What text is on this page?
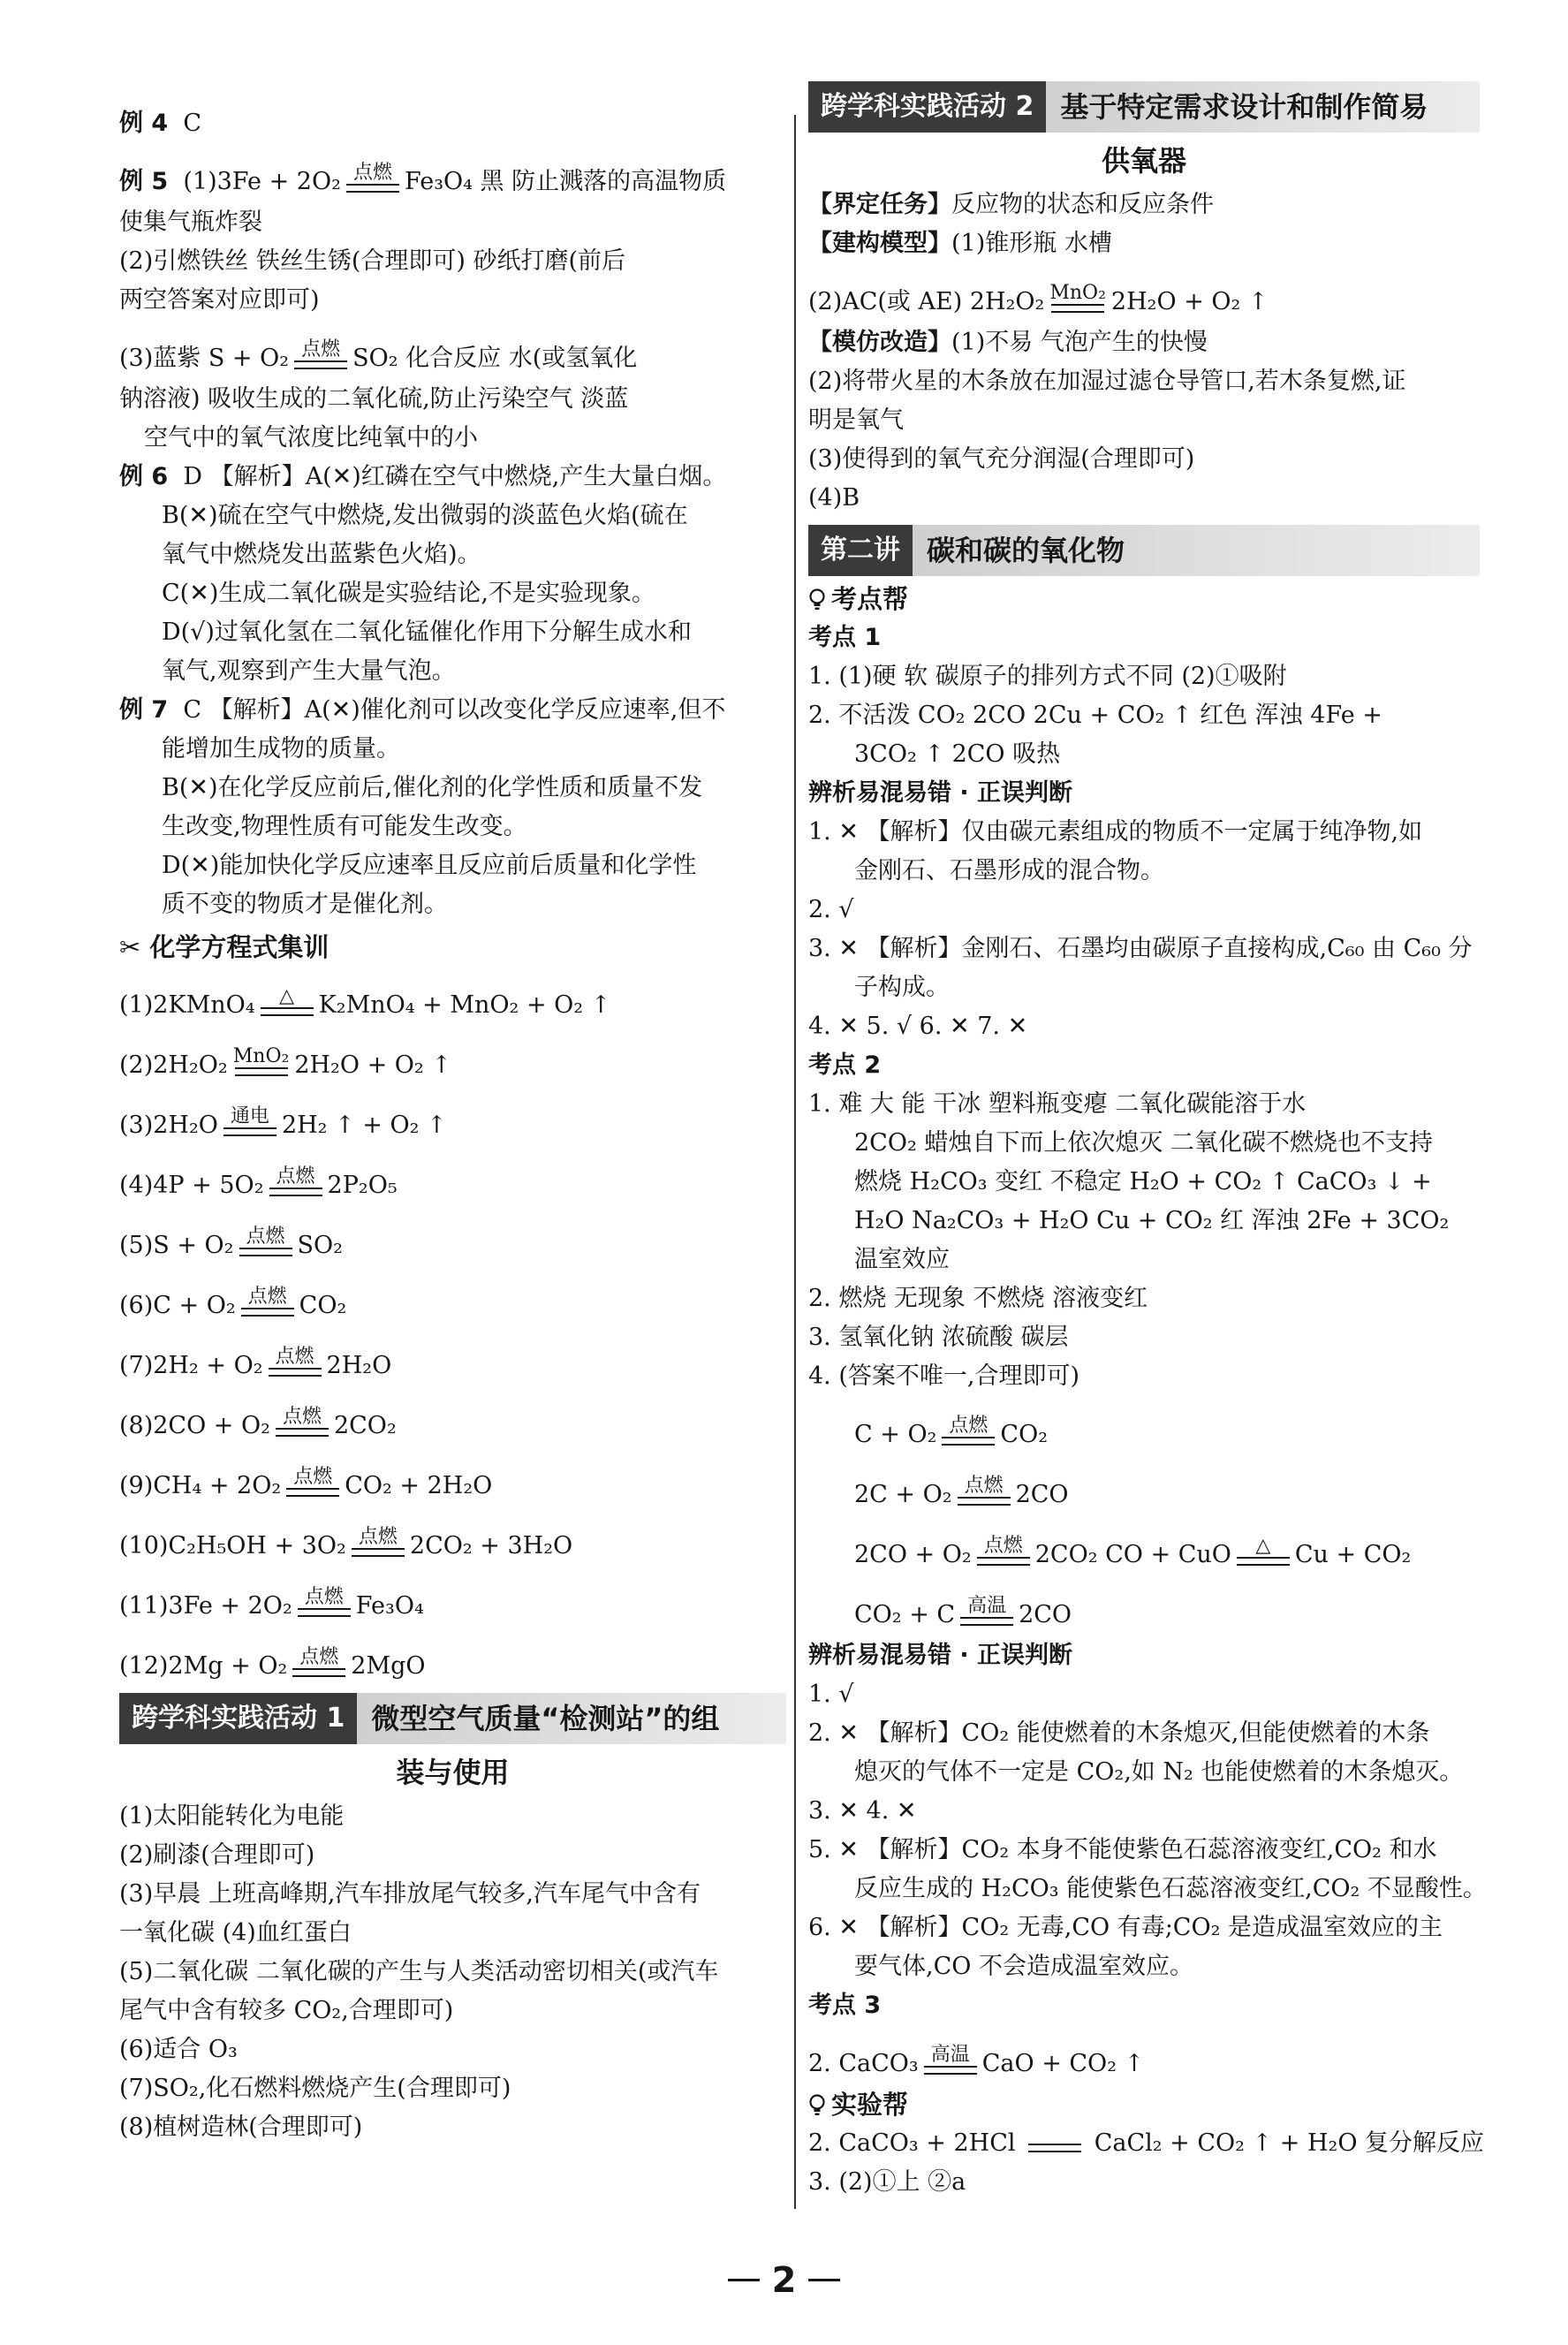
例 4 C
例 5
(1)3Fe + 2O₂ 点燃 Fe₃O₄ 黑 防止溅落的高温物质
使集气瓶炸裂
(2)引燃铁丝 铁丝生锈(合理即可) 砂纸打磨(前后
两空答案对应即可)
(3)蓝紫 S + O₂ 点燃 SO₂ 化合反应 水(或氢氧化
钠溶液) 吸收生成的二氧化硫,防止污染空气 淡蓝
空气中的氧气浓度比纯氧中的小
例 6 D 【解析】A(✕)红磷在空气中燃烧,产生大量白烟。
B(✕)硫在空气中燃烧,发出微弱的淡蓝色火焰(硫在
氧气中燃烧发出蓝紫色火焰)。
C(✕)生成二氧化碳是实验结论,不是实验现象。
D(√)过氧化氢在二氧化锰催化作用下分解生成水和
氧气,观察到产生大量气泡。
例 7 C 【解析】A(✕)催化剂可以改变化学反应速率,但不
能增加生成物的质量。
B(✕)在化学反应前后,催化剂的化学性质和质量不发
生改变,物理性质有可能发生改变。
D(✕)能加快化学反应速率且反应前后质量和化学性
质不变的物质才是催化剂。
✂ 化学方程式集训
(1)2KMnO₄ △ K₂MnO₄ + MnO₂ + O₂ ↑
(2)2H₂O₂ MnO₂ 2H₂O + O₂ ↑
(3)2H₂O 通电 2H₂ ↑ + O₂ ↑
(4)4P + 5O₂ 点燃 2P₂O₅
(5)S + O₂ 点燃 SO₂
(6)C + O₂ 点燃 CO₂
(7)2H₂ + O₂ 点燃 2H₂O
(8)2CO + O₂ 点燃 2CO₂
(9)CH₄ + 2O₂ 点燃 CO₂ + 2H₂O
(10)C₂H₅OH + 3O₂ 点燃 2CO₂ + 3H₂O
(11)3Fe + 2O₂ 点燃 Fe₃O₄
(12)2Mg + O₂ 点燃 2MgO
跨学科实践活动 1 微型空气质量“检测站”的组
装与使用
(1)太阳能转化为电能
(2)刷漆(合理即可)
(3)早晨 上班高峰期,汽车排放尾气较多,汽车尾气中含有
一氧化碳 (4)血红蛋白
(5)二氧化碳 二氧化碳的产生与人类活动密切相关(或汽车
尾气中含有较多 CO₂,合理即可)
(6)适合 O₃
(7)SO₂,化石燃料燃烧产生(合理即可)
(8)植树造林(合理即可)
跨学科实践活动 2 基于特定需求设计和制作简易
供氧器
【界定任务】反应物的状态和反应条件
【建构模型】(1)锥形瓶 水槽
(2)AC(或 AE) 2H₂O₂ MnO₂ 2H₂O + O₂ ↑
【模仿改造】(1)不易 气泡产生的快慢
(2)将带火星的木条放在加湿过滤仓导管口,若木条复燃,证
明是氧气
(3)使得到的氧气充分润湿(合理即可)
(4)B
第二讲 碳和碳的氧化物
考点帮
考点 1
1. (1)硬 软 碳原子的排列方式不同 (2)①吸附
2. 不活泼 CO₂ 2CO 2Cu + CO₂ ↑ 红色 浑浊 4Fe +
3CO₂ ↑ 2CO 吸热
辨析易混易错 · 正误判断
1. ✕ 【解析】仅由碳元素组成的物质不一定属于纯净物,如
金刚石、石墨形成的混合物。
2. √
3. ✕ 【解析】金刚石、石墨均由碳原子直接构成,C₆₀ 由 C₆₀ 分
子构成。
4. ✕ 5. √ 6. ✕ 7. ✕
考点 2
1. 难 大 能 干冰 塑料瓶变瘪 二氧化碳能溶于水
2CO₂ 蜡烛自下而上依次熄灭 二氧化碳不燃烧也不支持
燃烧 H₂CO₃ 变红 不稳定 H₂O + CO₂ ↑ CaCO₃ ↓ +
H₂O Na₂CO₃ + H₂O Cu + CO₂ 红 浑浊 2Fe + 3CO₂
温室效应
2. 燃烧 无现象 不燃烧 溶液变红
3. 氢氧化钠 浓硫酸 碳层
4. (答案不唯一,合理即可)
C + O₂ 点燃 CO₂
2C + O₂ 点燃 2CO
2CO + O₂ 点燃 2CO₂ CO + CuO △ Cu + CO₂
CO₂ + C 高温 2CO
辨析易混易错 · 正误判断
1. √
2. ✕ 【解析】CO₂ 能使燃着的木条熄灭,但能使燃着的木条
熄灭的气体不一定是 CO₂,如 N₂ 也能使燃着的木条熄灭。
3. ✕ 4. ✕
5. ✕ 【解析】CO₂ 本身不能使紫色石蕊溶液变红,CO₂ 和水
反应生成的 H₂CO₃ 能使紫色石蕊溶液变红,CO₂ 不显酸性。
6. ✕ 【解析】CO₂ 无毒,CO 有毒;CO₂ 是造成温室效应的主
要气体,CO 不会造成温室效应。
考点 3
2. CaCO₃ 高温 CaO + CO₂ ↑
实验帮
2. CaCO₃ + 2HCl	CaCl₂ + CO₂ ↑ + H₂O 复分解反应
3. (2)①上 ②a
2
